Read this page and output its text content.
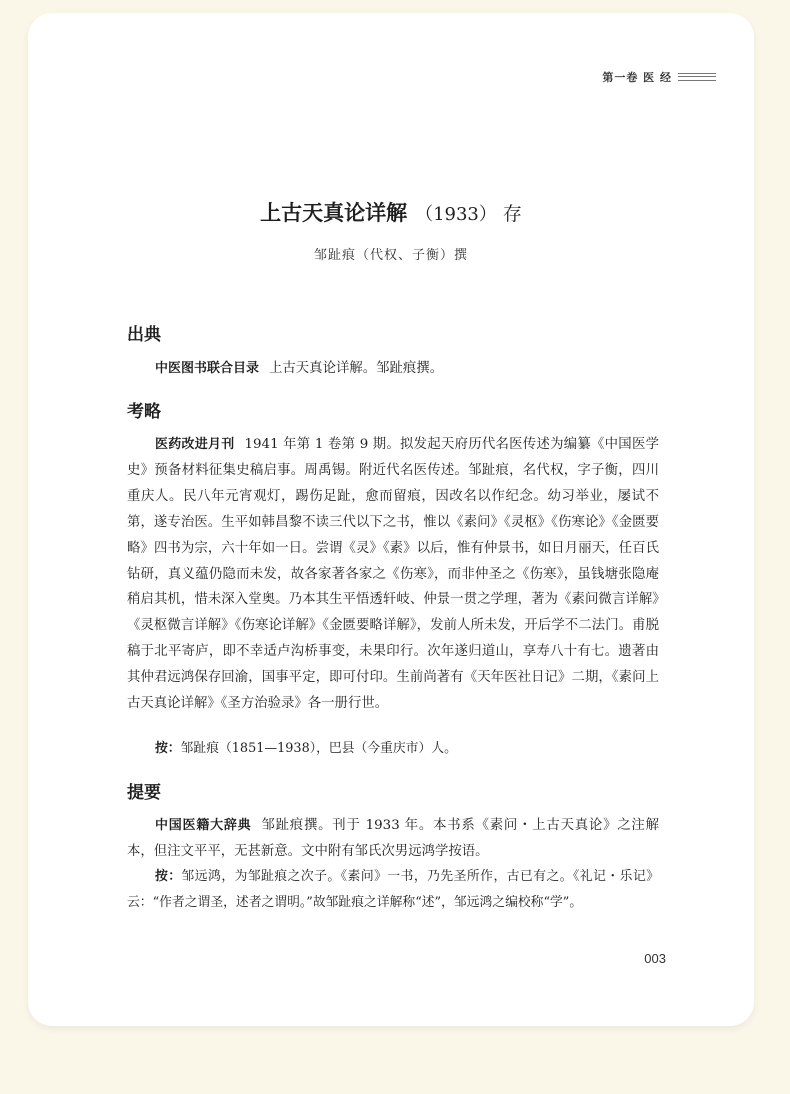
第一卷 医 经
上古天真论详解 （1933） 存
邹趾痕（代权、子衡）撰
出典
中医图书联合目录 上古天真论详解。邹趾痕撰。
考略
医药改进月刊 1941 年第 1 卷第 9 期。拟发起天府历代名医传述为编纂《中国医学史》预备材料征集史稿启事。周禹锡。附近代名医传述。邹趾痕，名代权，字子衡，四川重庆人。民八年元宵观灯，踢伤足趾，愈而留痕，因改名以作纪念。幼习举业，屡试不第，遂专治医。生平如韩昌黎不读三代以下之书，惟以《素问》《灵枢》《伤寒论》《金匮要略》四书为宗，六十年如一日。尝谓《灵》《素》以后，惟有仲景书，如日月丽天，任百氏钻研，真义蕴仍隐而未发，故各家著各家之《伤寒》，而非仲圣之《伤寒》，虽钱塘张隐庵稍启其机，惜未深入堂奥。乃本其生平悟透轩岐、仲景一贯之学理，著为《素问微言详解》《灵枢微言详解》《伤寒论详解》《金匮要略详解》，发前人所未发，开后学不二法门。甫脱稿于北平寄庐，即不幸适卢沟桥事变，未果印行。次年遂归道山，享寿八十有七。遗著由其仲君远鸿保存回渝，国事平定，即可付印。生前尚著有《天年医社日记》二期，《素问上古天真论详解》《圣方治验录》各一册行世。
按：邹趾痕（1851—1938），巴县（今重庆市）人。
提要
中国医籍大辞典 邹趾痕撰。刊于 1933 年。本书系《素问・上古天真论》之注解本，但注文平平，无甚新意。文中附有邹氏次男远鸿学按语。
按：邹远鸿，为邹趾痕之次子。《素问》一书，乃先圣所作，古已有之。《礼记・乐记》云：“作者之谓圣，述者之谓明。”故邹趾痕之详解称“述”，邹远鸿之编校称“学”。
003
